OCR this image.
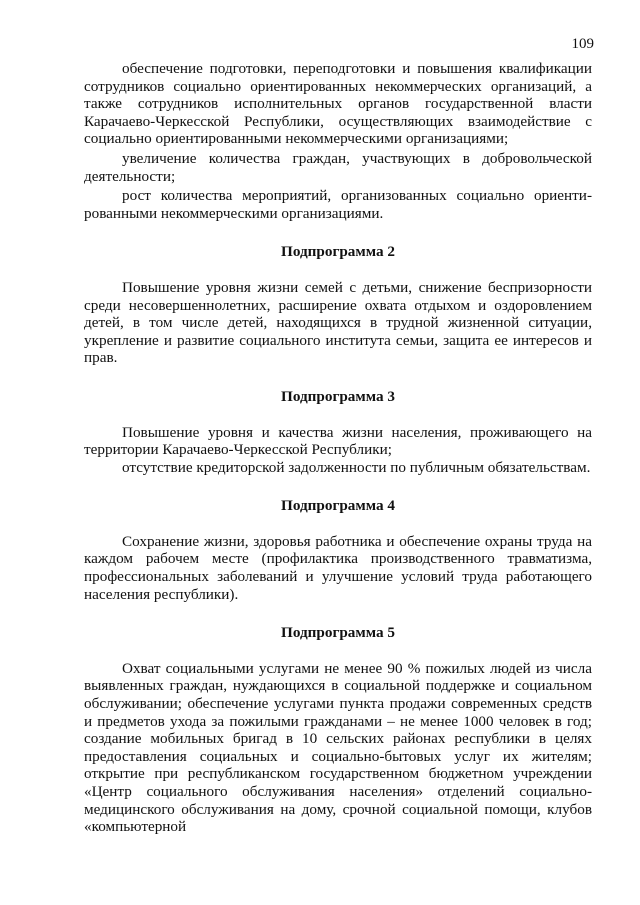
109

обеспечение подготовки, переподготовки и повышения квалификации сотрудников социально ориентированных некоммерческих организаций, а также сотрудников исполнительных органов государственной власти Карачаево-Черкесской Республики, осуществляющих взаимодействие с социально ориентированными некоммерческими организациями;

увеличение количества граждан, участвующих в добровольческой деятельности;

рост количества мероприятий, организованных социально ориентированными некоммерческими организациями.

Подпрограмма 2

Повышение уровня жизни семей с детьми, снижение беспризорности среди несовершеннолетних, расширение охвата отдыхом и оздоровлением детей, в том числе детей, находящихся в трудной жизненной ситуации, укрепление и развитие социального института семьи, защита ее интересов и прав.

Подпрограмма 3

Повышение уровня и качества жизни населения, проживающего на территории Карачаево-Черкесской Республики;

отсутствие кредиторской задолженности по публичным обязательствам.

Подпрограмма 4

Сохранение жизни, здоровья работника и обеспечение охраны труда на каждом рабочем месте (профилактика производственного травматизма, профессиональных заболеваний и улучшение условий труда работающего населения республики).

Подпрограмма 5

Охват социальными услугами не менее 90 % пожилых людей из числа выявленных граждан, нуждающихся в социальной поддержке и социальном обслуживании; обеспечение услугами пункта продажи современных средств и предметов ухода за пожилыми гражданами – не менее 1000 человек в год; создание мобильных бригад в 10 сельских районах республики в целях предоставления социальных и социально-бытовых услуг их жителям; открытие при республиканском государственном бюджетном учреждении «Центр социального обслуживания населения» отделений социально-медицинского обслуживания на дому, срочной социальной помощи, клубов «компьютерной
